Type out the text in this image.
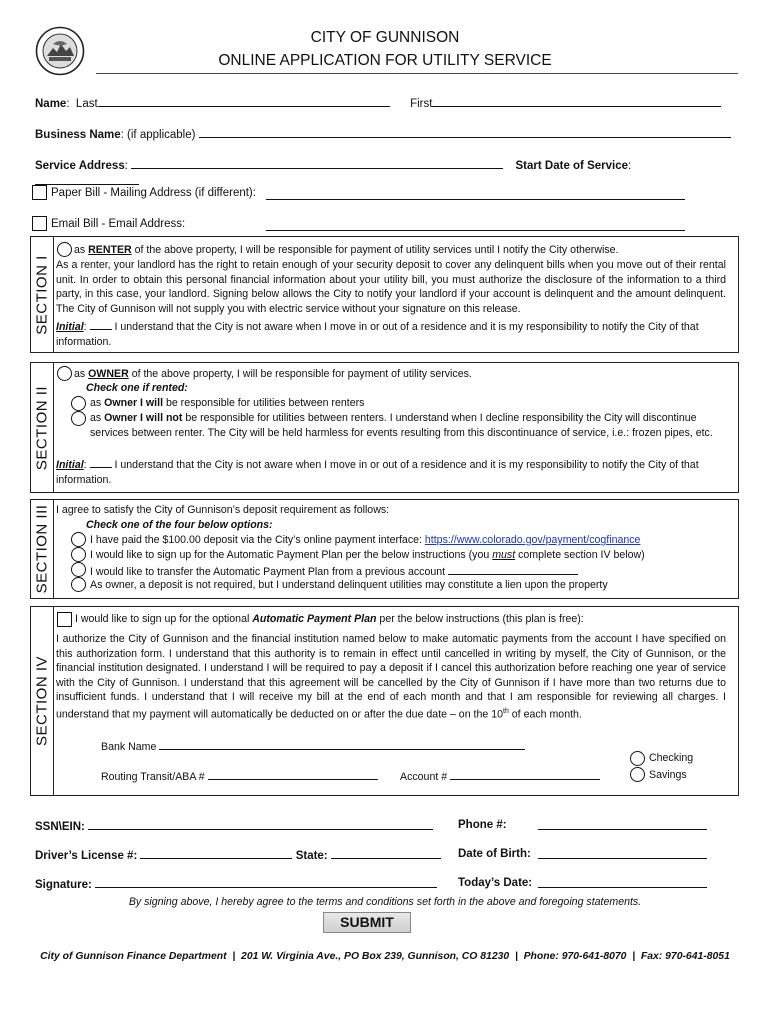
CITY OF GUNNISON
ONLINE APPLICATION FOR UTILITY SERVICE
Name:  Last	First
Business Name: (if applicable)
Service Address:	Start Date of Service:
Paper Bill - Mailing Address (if different):
Email Bill - Email Address:
SECTION I
as RENTER of the above property, I will be responsible for payment of utility services until I notify the City otherwise.
As a renter, your landlord has the right to retain enough of your security deposit to cover any delinquent bills when you move out of their rental unit. In order to obtain this personal financial information about your utility bill, you must authorize the disclosure of the information to a third party, in this case, your landlord. Signing below allows the City to notify your landlord if your account is delinquent and the amount delinquent. The City of Gunnison will not supply you with electric service without your signature on this release.
Initial:  I understand that the City is not aware when I move in or out of a residence and it is my responsibility to notify the City of that information.
SECTION II
as OWNER of the above property, I will be responsible for payment of utility services.
Check one if rented:
as Owner I will be responsible for utilities between renters
as Owner I will not be responsible for utilities between renters. I understand when I decline responsibility the City will discontinue services between renter. The City will be held harmless for events resulting from this discontinuance of service, i.e.: frozen pipes, etc.
Initial:  I understand that the City is not aware when I move in or out of a residence and it is my responsibility to notify the City of that information.
SECTION III I agree to satisfy the City of Gunnison’s deposit requirement as follows:
Check one of the four below options:
I have paid the $100.00 deposit via the City’s online payment interface: https://www.colorado.gov/payment/cogfinance
I would like to sign up for the Automatic Payment Plan per the below instructions (you must complete section IV below)
I would like to transfer the Automatic Payment Plan from a previous account
As owner, a deposit is not required, but I understand delinquent utilities may constitute a lien upon the property
SECTION IV
I would like to sign up for the optional Automatic Payment Plan per the below instructions (this plan is free):
I authorize the City of Gunnison and the financial institution named below to make automatic payments from the account I have specified on this authorization form. I understand that this authority is to remain in effect until cancelled in writing by myself, the City of Gunnison, or the financial institution designated. I understand I will be required to pay a deposit if I cancel this authorization before reaching one year of service with the City of Gunnison. I understand that this agreement will be cancelled by the City of Gunnison if I have more than two returns due to insufficient funds. I understand that I will receive my bill at the end of each month and that I am responsible for reviewing all charges. I understand that my payment will automatically be deducted on or after the due date – on the 10th of each month.
Bank Name
Routing Transit/ABA #	Account #
Checking
Savings
SSN\EIN:	Phone #:
Driver’s License #:	State:	Date of Birth:
Signature:	Today’s Date:
By signing above, I hereby agree to the terms and conditions set forth in the above and foregoing statements.
SUBMIT
City of Gunnison Finance Department  |  201 W. Virginia Ave., PO Box 239, Gunnison, CO 81230  |  Phone: 970-641-8070  |  Fax: 970-641-8051
